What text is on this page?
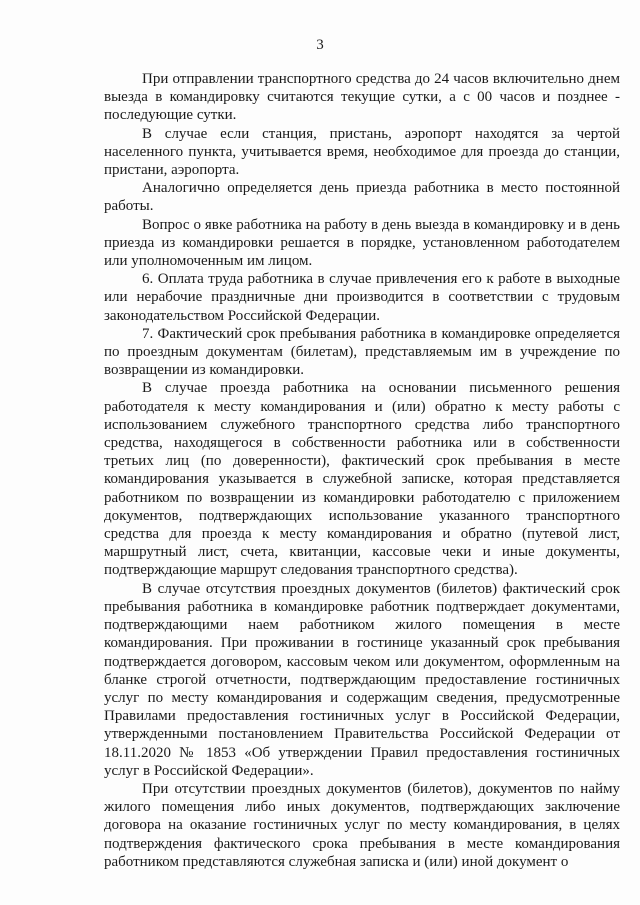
3

При отправлении транспортного средства до 24 часов включительно днем выезда в командировку считаются текущие сутки, а с 00 часов и позднее - последующие сутки.

В случае если станция, пристань, аэропорт находятся за чертой населенного пункта, учитывается время, необходимое для проезда до станции, пристани, аэропорта.

Аналогично определяется день приезда работника в место постоянной работы.

Вопрос о явке работника на работу в день выезда в командировку и в день приезда из командировки решается в порядке, установленном работодателем или уполномоченным им лицом.

6. Оплата труда работника в случае привлечения его к работе в выходные или нерабочие праздничные дни производится в соответствии с трудовым законодательством Российской Федерации.

7. Фактический срок пребывания работника в командировке определяется по проездным документам (билетам), представляемым им в учреждение по возвращении из командировки.

В случае проезда работника на основании письменного решения работодателя к месту командирования и (или) обратно к месту работы с использованием служебного транспортного средства либо транспортного средства, находящегося в собственности работника или в собственности третьих лиц (по доверенности), фактический срок пребывания в месте командирования указывается в служебной записке, которая представляется работником по возвращении из командировки работодателю с приложением документов, подтверждающих использование указанного транспортного средства для проезда к месту командирования и обратно (путевой лист, маршрутный лист, счета, квитанции, кассовые чеки и иные документы, подтверждающие маршрут следования транспортного средства).

В случае отсутствия проездных документов (билетов) фактический срок пребывания работника в командировке работник подтверждает документами, подтверждающими наем работником жилого помещения в месте командирования. При проживании в гостинице указанный срок пребывания подтверждается договором, кассовым чеком или документом, оформленным на бланке строгой отчетности, подтверждающим предоставление гостиничных услуг по месту командирования и содержащим сведения, предусмотренные Правилами предоставления гостиничных услуг в Российской Федерации, утвержденными постановлением Правительства Российской Федерации от 18.11.2020 № 1853 «Об утверждении Правил предоставления гостиничных услуг в Российской Федерации».

При отсутствии проездных документов (билетов), документов по найму жилого помещения либо иных документов, подтверждающих заключение договора на оказание гостиничных услуг по месту командирования, в целях подтверждения фактического срока пребывания в месте командирования работником представляются служебная записка и (или) иной документ о
